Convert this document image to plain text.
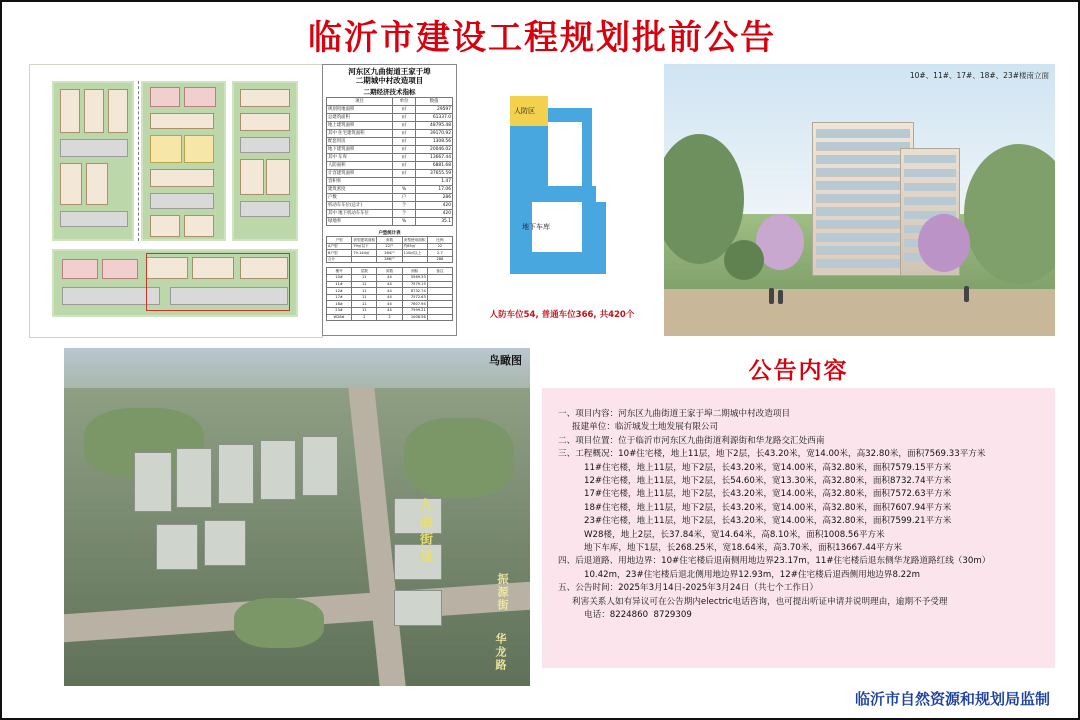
临沂市建设工程规划批前公告
河东区九曲街道王家于埠
二期城中村改造项目
二期经济技术指标
项目	单位	数值
规划用地面积	㎡	29597
总建筑面积	㎡	61337.0
地上建筑面积	㎡	48795.48
其中 住宅建筑面积	㎡	39170.92
配套用房	㎡	1308.56
地下建筑面积	㎡	20046.02
其中 车库	㎡	13667.44
人防面积	㎡	6881.68
计容建筑面积	㎡	37655.59
容积率		1.47
建筑密度	%	17.06
户数	户	286
机动车车位(总计)	个	420
其中 地下机动车车位	个	420
绿地率	%	35.1
户型统计表
户型	套型建筑面积	套数	套型使用面积	比例
A户型	79㎡以下	22户	约65㎡	22
B户型	79-144㎡	264户	110㎡以上	2.7
合计		286户		286
楼号	层数	套数	面积	备注
10#	11	44	5569.33	
11#	11	44	7579.15	
12#	11	44	8732.74	
17#	11	44	7572.63	
18#	11	44	7607.94	
23#	11	44	7599.21	
W28#	2	2	1008.56	
人防区
地下车库
人防车位54, 普通车位366, 共420个
10#、11#、17#、18#、23#楼南立面
鸟瞰图
九曲街道
振源街
华龙路
公告内容
一、项目内容：河东区九曲街道王家于埠二期城中村改造项目
报建单位：临沂城发土地发展有限公司
二、项目位置：位于临沂市河东区九曲街道利源街和华龙路交汇处西南
三、工程概况：10#住宅楼，地上11层，地下2层，长43.20米，宽14.00米，高32.80米，面积7569.33平方米
11#住宅楼，地上11层，地下2层，长43.20米，宽14.00米，高32.80米，面积7579.15平方米
12#住宅楼，地上11层，地下2层，长54.60米，宽13.30米，高32.80米，面积8732.74平方米
17#住宅楼，地上11层，地下2层，长43.20米，宽14.00米，高32.80米，面积7572.63平方米
18#住宅楼，地上11层，地下2层，长43.20米，宽14.00米，高32.80米，面积7607.94平方米
23#住宅楼，地上11层，地下2层，长43.20米，宽14.00米，高32.80米，面积7599.21平方米
W28楼，地上2层，长37.84米，宽14.64米，高8.10米，面积1008.56平方米
地下车库，地下1层，长268.25米，宽18.64米，高3.70米，面积13667.44平方米
四、后退道路、用地边界：10#住宅楼后退南侧用地边界23.17m，11#住宅楼后退东侧华龙路道路红线（30m）
10.42m，23#住宅楼后退北侧用地边界12.93m，12#住宅楼后退西侧用地边界8.22m
五、公告时间：2025年3月14日-2025年3月24日（共七个工作日）
利害关系人如有异议可在公告期内electric电话咨询，也可提出听证申请并说明理由，逾期不予受理
电话：8224860  8729309
临沂市自然资源和规划局监制
